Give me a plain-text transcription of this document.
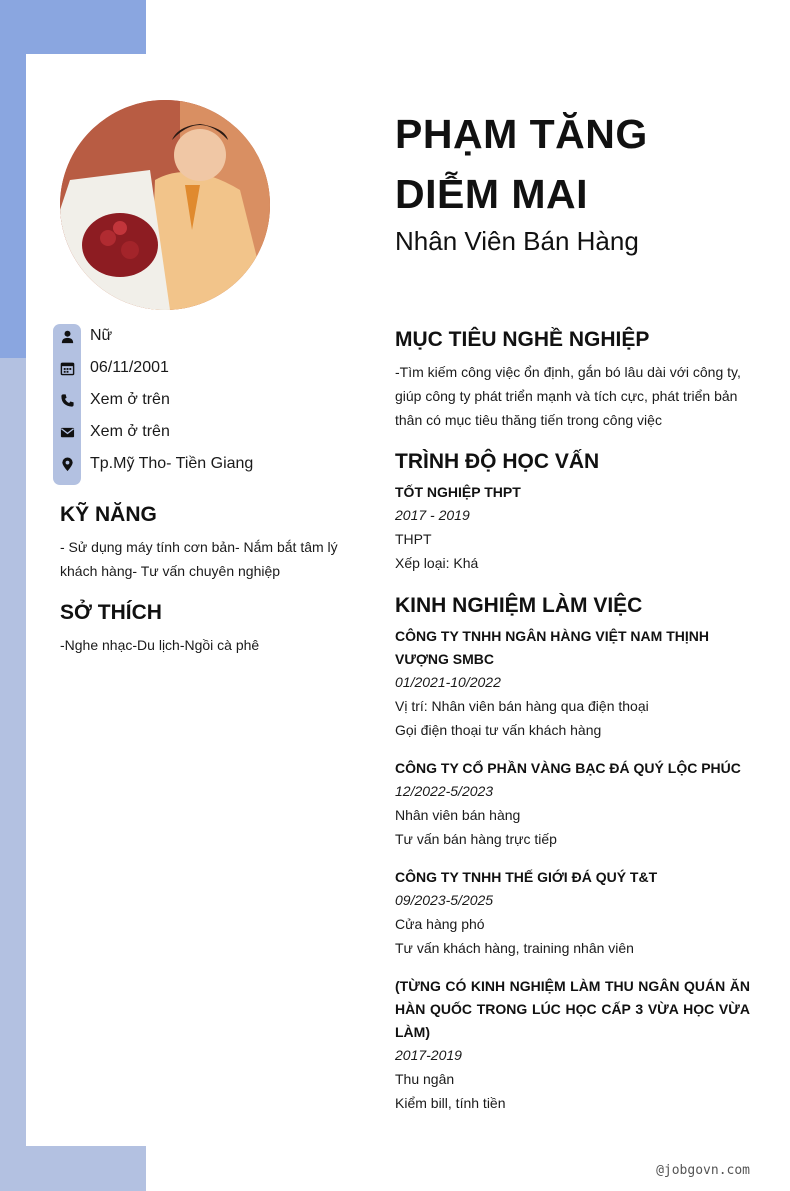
PHẠM TĂNG DIỄM MAI
Nhân Viên Bán Hàng
Nữ
06/11/2001
Xem ở trên
Xem ở trên
Tp.Mỹ Tho- Tiền Giang
KỸ NĂNG
- Sử dụng máy tính cơn bản- Nắm bắt tâm lý khách hàng- Tư vấn chuyên nghiệp
SỞ THÍCH
-Nghe nhạc-Du lịch-Ngồi cà phê
MỤC TIÊU NGHỀ NGHIỆP
-Tìm kiếm công việc ổn định, gắn bó lâu dài với công ty, giúp công ty phát triển mạnh và tích cực, phát triển bản thân có mục tiêu thăng tiến trong công việc
TRÌNH ĐỘ HỌC VẤN
TỐT NGHIỆP THPT
2017 - 2019
THPT
Xếp loại: Khá
KINH NGHIỆM LÀM VIỆC
CÔNG TY TNHH NGÂN HÀNG VIỆT NAM THỊNH VƯỢNG SMBC
01/2021-10/2022
Vị trí: Nhân viên bán hàng qua điện thoại
Gọi điện thoại tư vấn khách hàng
CÔNG TY CỔ PHẦN VÀNG BẠC ĐÁ QUÝ LỘC PHÚC
12/2022-5/2023
Nhân viên bán hàng
Tư vấn bán hàng trực tiếp
CÔNG TY TNHH THẾ GIỚI ĐÁ QUÝ T&T
09/2023-5/2025
Cửa hàng phó
Tư vấn khách hàng, training nhân viên
(TỪNG CÓ KINH NGHIỆM LÀM THU NGÂN QUÁN ĂN HÀN QUỐC TRONG LÚC HỌC CẤP 3 VỪA HỌC VỪA LÀM)
2017-2019
Thu ngân
Kiểm bill, tính tiền
@jobgovn.com
